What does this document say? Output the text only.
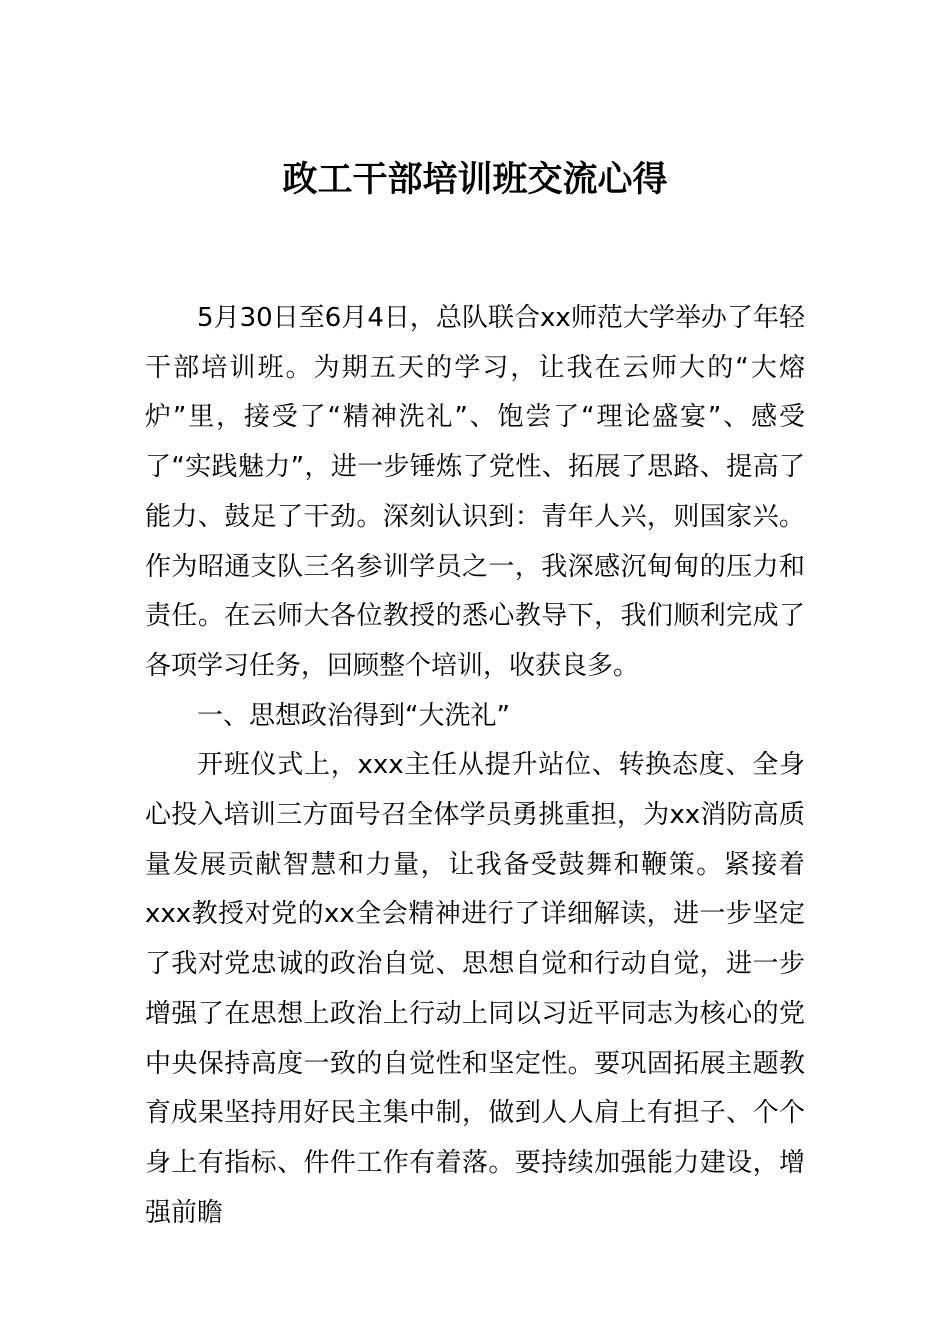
政工干部培训班交流心得

5月30日至6月4日，总队联合xx师范大学举办了年轻干部培训班。为期五天的学习，让我在云师大的“大熔炉”里，接受了“精神洗礼”、饱尝了“理论盛宴”、感受了“实践魅力”，进一步锤炼了党性、拓展了思路、提高了能力、鼓足了干劲。深刻认识到：青年人兴，则国家兴。作为昭通支队三名参训学员之一，我深感沉甸甸的压力和责任。在云师大各位教授的悉心教导下，我们顺利完成了各项学习任务，回顾整个培训，收获良多。

一、思想政治得到“大洗礼”

开班仪式上，xxx主任从提升站位、转换态度、全身心投入培训三方面号召全体学员勇挑重担，为xx消防高质量发展贡献智慧和力量，让我备受鼓舞和鞭策。紧接着xxx教授对党的xx全会精神进行了详细解读，进一步坚定了我对党忠诚的政治自觉、思想自觉和行动自觉，进一步增强了在思想上政治上行动上同以习近平同志为核心的党中央保持高度一致的自觉性和坚定性。要巩固拓展主题教育成果坚持用好民主集中制，做到人人肩上有担子、个个身上有指标、件件工作有着落。要持续加强能力建设，增强前瞻
